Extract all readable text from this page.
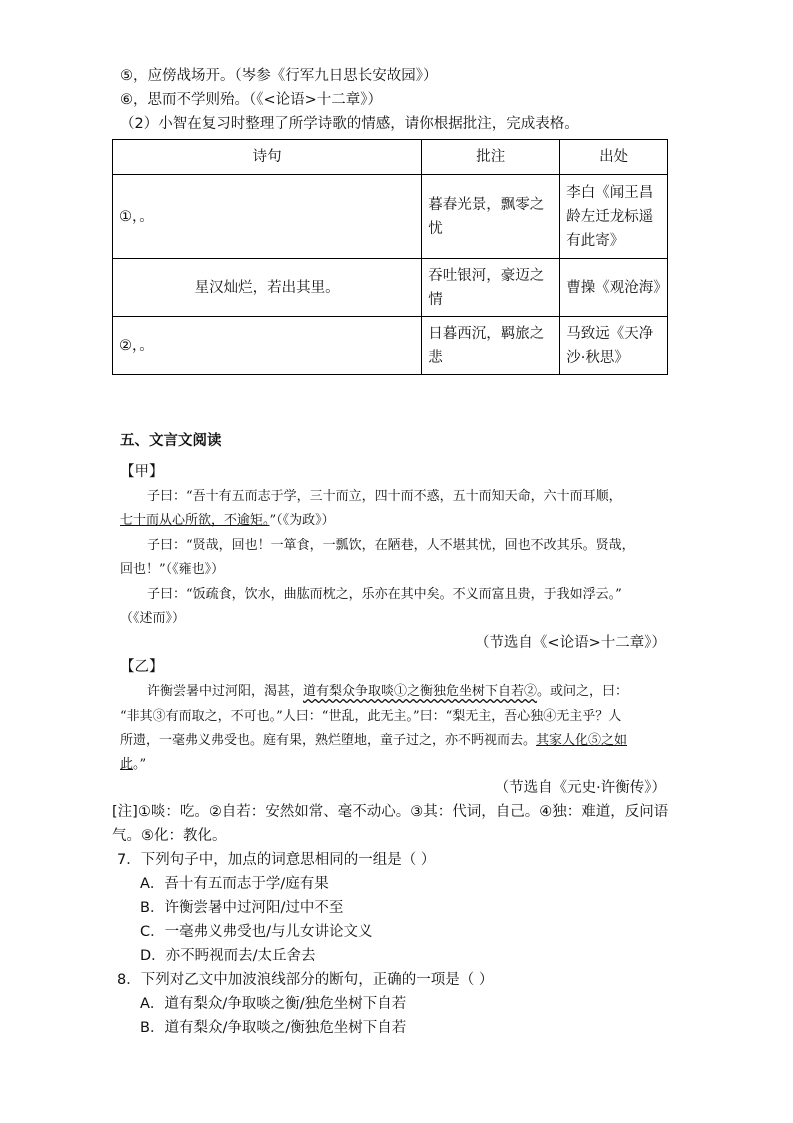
⑤，应傍战场开。（岑参《行军九日思长安故园》）
⑥，思而不学则殆。（《<论语>十二章》）
（2）小智在复习时整理了所学诗歌的情感，请你根据批注，完成表格。
诗句	批注	出处
①，。	暮春光景，飘零之忧	李白《闻王昌龄左迁龙标遥有此寄》
星汉灿烂，若出其里。	吞吐银河，豪迈之情	曹操《观沧海》
②，。	日暮西沉，羁旅之悲	马致远《天净沙·秋思》
五、文言文阅读
【甲】
子曰：“吾十有五而志于学，三十而立，四十而不惑，五十而知天命，六十而耳顺，
七十而从心所欲，不逾矩。”（《为政》）
子曰：“贤哉，回也！一箪食，一瓢饮，在陋巷，人不堪其忧，回也不改其乐。贤哉，
回也！”（《雍也》）
子曰：“饭疏食，饮水，曲肱而枕之，乐亦在其中矣。不义而富且贵，于我如浮云。”
（《述而》）
（节选自《<论语>十二章》）
【乙】
许衡尝暑中过河阳，渴甚，道有梨众争取啖①之衡独危坐树下自若②。或问之，曰：
“非其③有而取之，不可也。”人曰：“世乱，此无主。”曰：“梨无主，吾心独④无主乎？人
所遗，一毫弗义弗受也。庭有果，熟烂堕地，童子过之，亦不眄视而去。其家人化⑤之如
此。”
（节选自《元史·许衡传》）
[注]①啖：吃。②自若：安然如常、毫不动心。③其：代词，自己。④独：难道，反问语
气。⑤化：教化。
7．下列句子中，加点的词意思相同的一组是（ ）
A．吾十有五而志于学/庭有果
B．许衡尝暑中过河阳/过中不至
C．一毫弗义弗受也/与儿女讲论文义
D．亦不眄视而去/太丘舍去
8．下列对乙文中加波浪线部分的断句，正确的一项是（ ）
A．道有梨众/争取啖之衡/独危坐树下自若
B．道有梨众/争取啖之/衡独危坐树下自若
